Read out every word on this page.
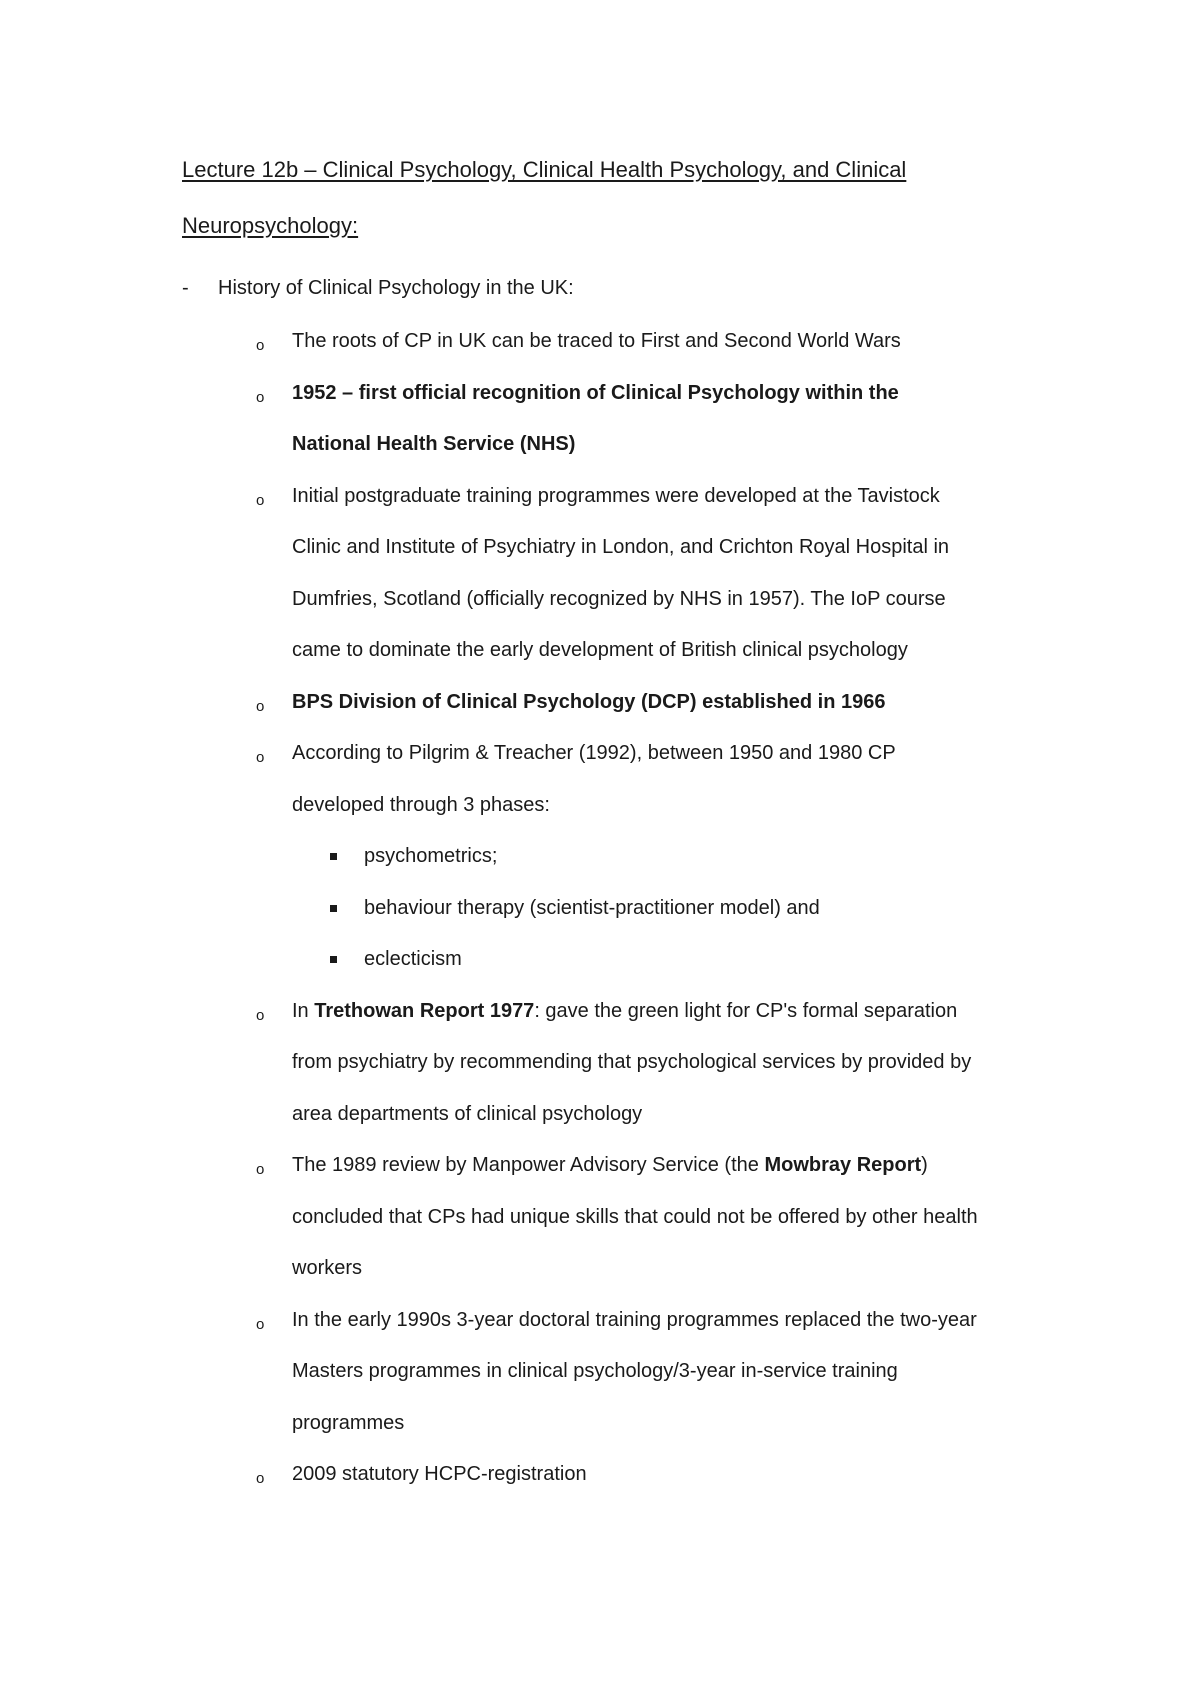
Lecture 12b – Clinical Psychology, Clinical Health Psychology, and Clinical
Neuropsychology:
-	History of Clinical Psychology in the UK:
o The roots of CP in UK can be traced to First and Second World Wars
o 1952 – first official recognition of Clinical Psychology within the
National Health Service (NHS)
o Initial postgraduate training programmes were developed at the Tavistock
Clinic and Institute of Psychiatry in London, and Crichton Royal Hospital in
Dumfries, Scotland (officially recognized by NHS in 1957). The IoP course
came to dominate the early development of British clinical psychology
o BPS Division of Clinical Psychology (DCP) established in 1966
o According to Pilgrim & Treacher (1992), between 1950 and 1980 CP
developed through 3 phases:
psychometrics;
behaviour therapy (scientist-practitioner model) and
eclecticism
o In Trethowan Report 1977: gave the green light for CP's formal separation
from psychiatry by recommending that psychological services by provided by
area departments of clinical psychology
o The 1989 review by Manpower Advisory Service (the Mowbray Report)
concluded that CPs had unique skills that could not be offered by other health
workers
o In the early 1990s 3-year doctoral training programmes replaced the two-year
Masters programmes in clinical psychology/3-year in-service training
programmes
o 2009 statutory HCPC-registration
